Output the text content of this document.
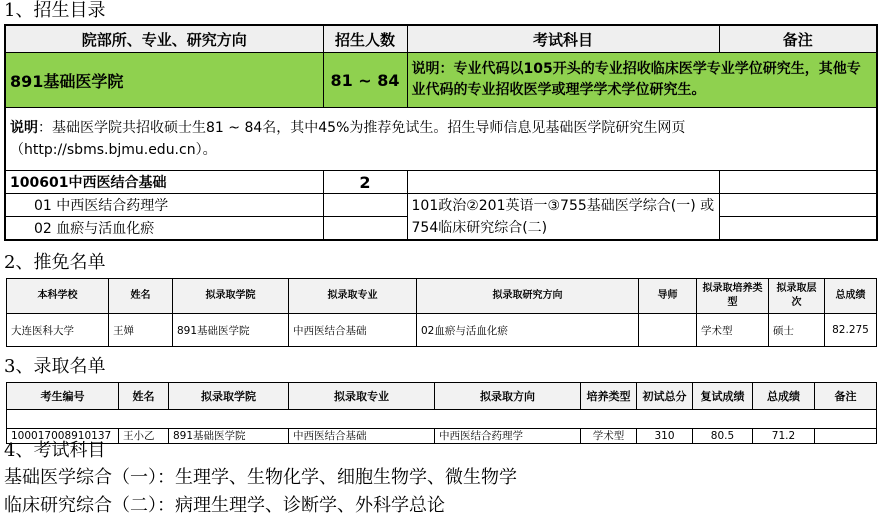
1、招生目录
院部所、专业、研究方向	招生人数	考试科目	备注
891基础医学院	81 ~ 84	说明：专业代码以105开头的专业招收临床医学专业学位研究生，其他专业代码的专业招收医学或理学学术学位研究生。	
说明：基础医学院共招收硕士生81 ~ 84名，其中45%为推荐免试生。招生导师信息见基础医学院研究生网页（http://sbms.bjmu.edu.cn）。			
100601中西医结合基础	2		
01 中西医结合药理学		101政治②201英语一③755基础医学综合(一) 或 754临床研究综合(二)	
02 血瘀与活血化瘀			
2、推免名单
本科学校	姓名	拟录取学院	拟录取专业	拟录取研究方向	导师	拟录取培养类型	拟录取层次	总成绩
大连医科大学	王婵	891基础医学院	中西医结合基础	02血瘀与活血化瘀		学术型	硕士	82.275
3、录取名单
考生编号	姓名	拟录取学院	拟录取专业	拟录取方向	培养类型	初试总分	复试成绩	总成绩	备注

100017008910137	王小乙	891基础医学院	中西医结合基础	中西医结合药理学	学术型	310	80.5	71.2	
4、考试科目
基础医学综合（一）：生理学、生物化学、细胞生物学、微生物学
临床研究综合（二）：病理生理学、诊断学、外科学总论
